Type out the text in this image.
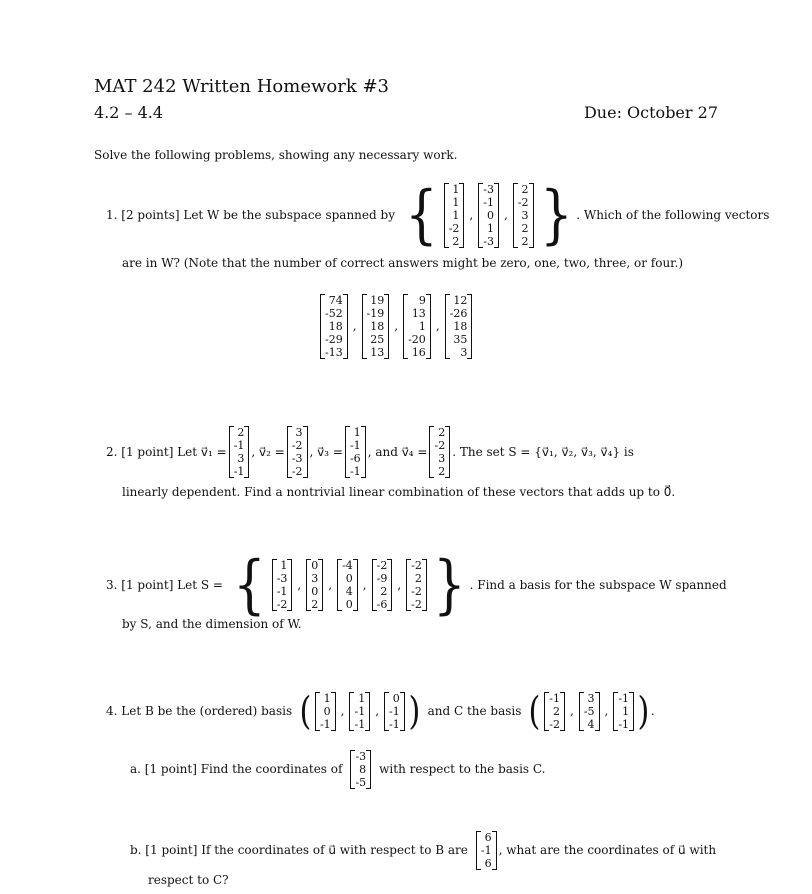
MAT 242 Written Homework #3
4.2 – 4.4	Due: October 27
Solve the following problems, showing any necessary work.
1. [2 points] Let W be the subspace spanned by {	1
1
1
-2
2
,
-3
-1
0
1
-3
,
2
-2
3
2
2 } . Which of the following vectors
are in W? (Note that the number of correct answers might be zero, one, two, three, or four.)
74
-52
18
-29
-13
,
19
-19
18
25
13
,
9
13
1
-20
16
,
12
-26
18
35
3
2. [1 point] Let v⃗₁ =
2
-1
3
-1
, v⃗₂ =
3
-2
-3
-2
, v⃗₃ =
1
-1
-6
-1
, and v⃗₄ =
2
-2
3
2
. The set S = {v⃗₁, v⃗₂, v⃗₃, v⃗₄} is
linearly dependent. Find a nontrivial linear combination of these vectors that adds up to 0⃗.
3. [1 point] Let S = {	1
-3
-1
-2
,
0
3
0
2
,
-4
0
4
0
,
-2
-9
2
-6
,
-2
2
-2
-2 } . Find a basis for the subspace W spanned
by S, and the dimension of W.
4. Let B be the (ordered) basis (	1
0
-1
,
1
-1
-1
,
0
-1
-1 ) and C the basis ( -1
2
-2
,
3
-5
4
,
-1
1
-1 ) .
a. [1 point] Find the coordinates of
-3
8
-5
with respect to the basis C.
b. [1 point] If the coordinates of u⃗ with respect to B are
6
-1
6
, what are the coordinates of u⃗ with
respect to C?
